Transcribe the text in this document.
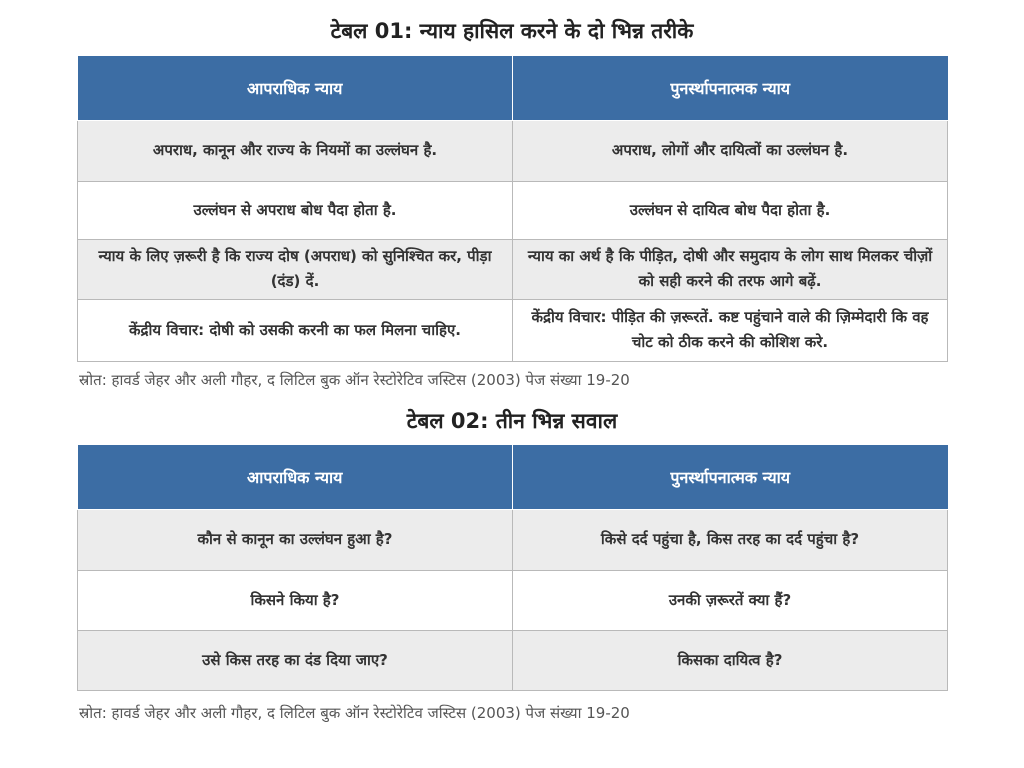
टेबल 01: न्याय हासिल करने के दो भिन्न तरीके
आपराधिक न्याय	पुनर्स्थापनात्मक न्याय
अपराध, कानून और राज्य के नियमों का उल्लंघन है.	अपराध, लोगों और दायित्वों का उल्लंघन है.
उल्लंघन से अपराध बोध पैदा होता है.	उल्लंघन से दायित्व बोध पैदा होता है.
न्याय के लिए ज़रूरी है कि राज्य दोष (अपराध) को सुनिश्चित कर, पीड़ा (दंड) दें.	न्याय का अर्थ है कि पीड़ित, दोषी और समुदाय के लोग साथ मिलकर चीज़ों को सही करने की तरफ आगे बढ़ें.
केंद्रीय विचार: दोषी को उसकी करनी का फल मिलना चाहिए.	केंद्रीय विचार: पीड़ित की ज़रूरतें. कष्ट पहुंचाने वाले की ज़िम्मेदारी कि वह चोट को ठीक करने की कोशिश करे.
स्रोत: हावर्ड जेहर और अली गौहर, द लिटिल बुक ऑन रेस्टोरेटिव जस्टिस (2003) पेज संख्या 19-20
टेबल 02: तीन भिन्न सवाल
आपराधिक न्याय	पुनर्स्थापनात्मक न्याय
कौन से कानून का उल्लंघन हुआ है?	किसे दर्द पहुंचा है, किस तरह का दर्द पहुंचा है?
किसने किया है?	उनकी ज़रूरतें क्या हैं?
उसे किस तरह का दंड दिया जाए?	किसका दायित्व है?
स्रोत: हावर्ड जेहर और अली गौहर, द लिटिल बुक ऑन रेस्टोरेटिव जस्टिस (2003) पेज संख्या 19-20
